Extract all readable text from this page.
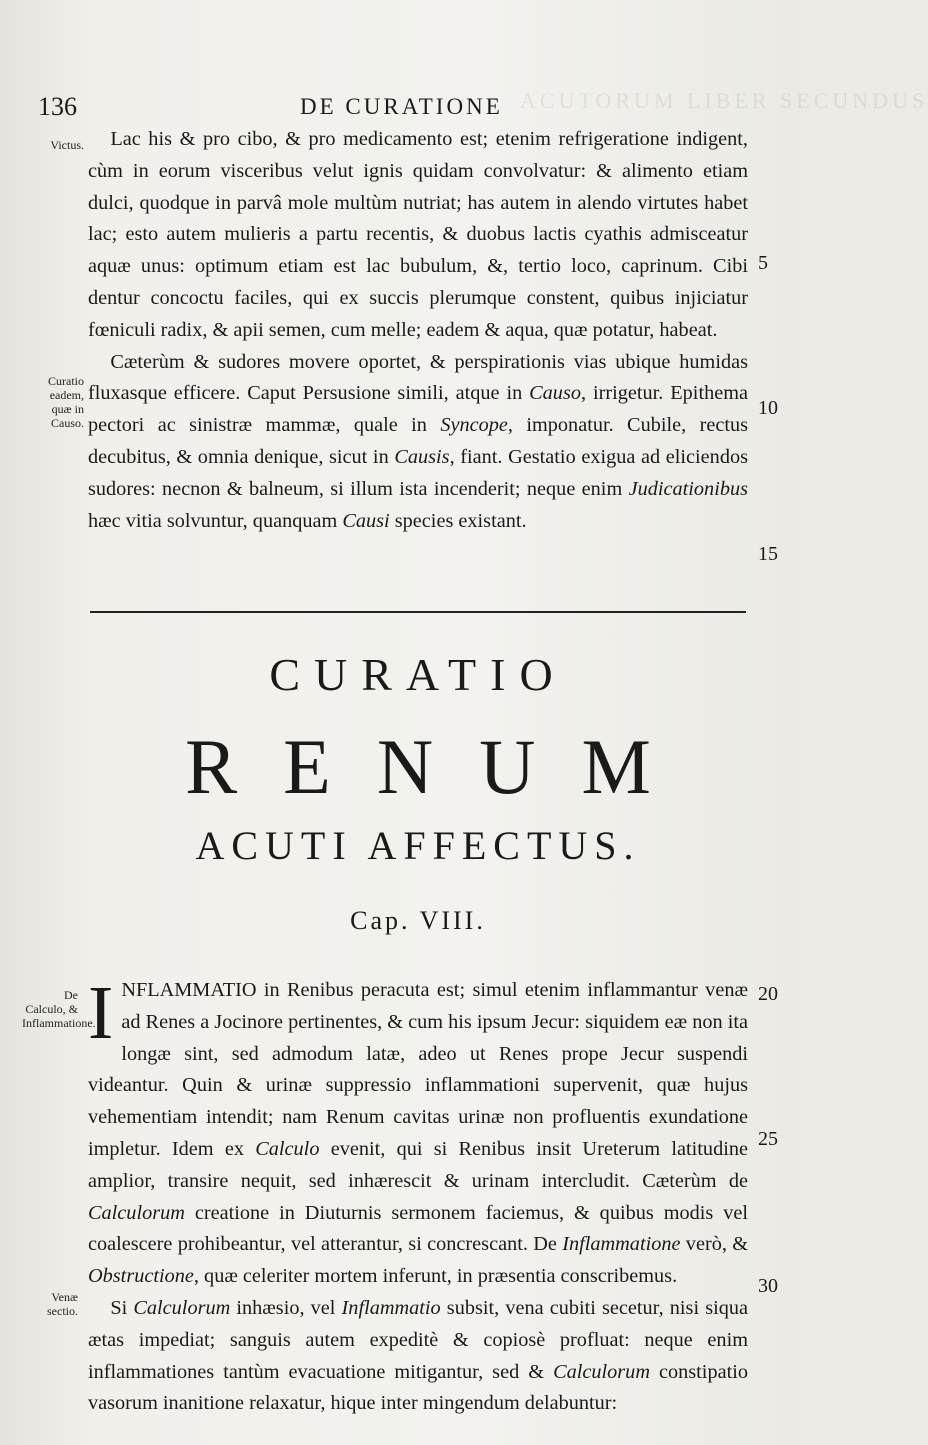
ACUTORUM LIBER SECUNDUS
136	DE CURATIONE
Victus.
Curatio eadem, quæ in Causo.
De Calculo, & Inflammatione.
Venæ sectio.
5
10
15
20
25
30

Lac his & pro cibo, & pro medicamento est; etenim refrigeratione indigent, cùm in eorum visceribus velut ignis quidam convolvatur: & alimento etiam dulci, quodque in parvâ mole multùm nutriat; has autem in alendo virtutes habet lac; esto autem mulieris a partu recentis, & duobus lactis cyathis admisceatur aquæ unus: optimum etiam est lac bubulum, &, tertio loco, caprinum. Cibi dentur concoctu faciles, qui ex succis plerumque constent, quibus injiciatur fœniculi radix, & apii semen, cum melle; eadem & aqua, quæ potatur, habeat.

Cæterùm & sudores movere oportet, & perspirationis vias ubique humidas fluxasque efficere. Caput Persusione simili, atque in Causo, irrigetur. Epithema pectori ac sinistræ mammæ, quale in Syncope, imponatur. Cubile, rectus decubitus, & omnia denique, sicut in Causis, fiant. Gestatio exigua ad eliciendos sudores: necnon & balneum, si illum ista incenderit; neque enim Judicationibus hæc vitia solvuntur, quanquam Causi species existant.

CURATIO
RENUM
ACUTI AFFECTUS.
Cap. VIII.

INFLAMMATIO in Renibus peracuta est; simul etenim inflammantur venæ ad Renes a Jocinore pertinentes, & cum his ipsum Jecur: siquidem eæ non ita longæ sint, sed admodum latæ, adeo ut Renes prope Jecur suspendi videantur. Quin & urinæ suppressio inflammationi supervenit, quæ hujus vehementiam intendit; nam Renum cavitas urinæ non profluentis exundatione impletur. Idem ex Calculo evenit, qui si Renibus insit Ureterum latitudine amplior, transire nequit, sed inhærescit & urinam intercludit. Cæterùm de Calculorum creatione in Diuturnis sermonem faciemus, & quibus modis vel coalescere prohibeantur, vel atterantur, si concrescant. De Inflammatione verò, & Obstructione, quæ celeriter mortem inferunt, in præsentia conscribemus.

Si Calculorum inhæsio, vel Inflammatio subsit, vena cubiti secetur, nisi siqua ætas impediat; sanguis autem expeditè & copiosè profluat: neque enim inflammationes tantùm evacuatione mitigantur, sed & Calculorum constipatio vasorum inanitione relaxatur, hique inter mingendum delabuntur:
